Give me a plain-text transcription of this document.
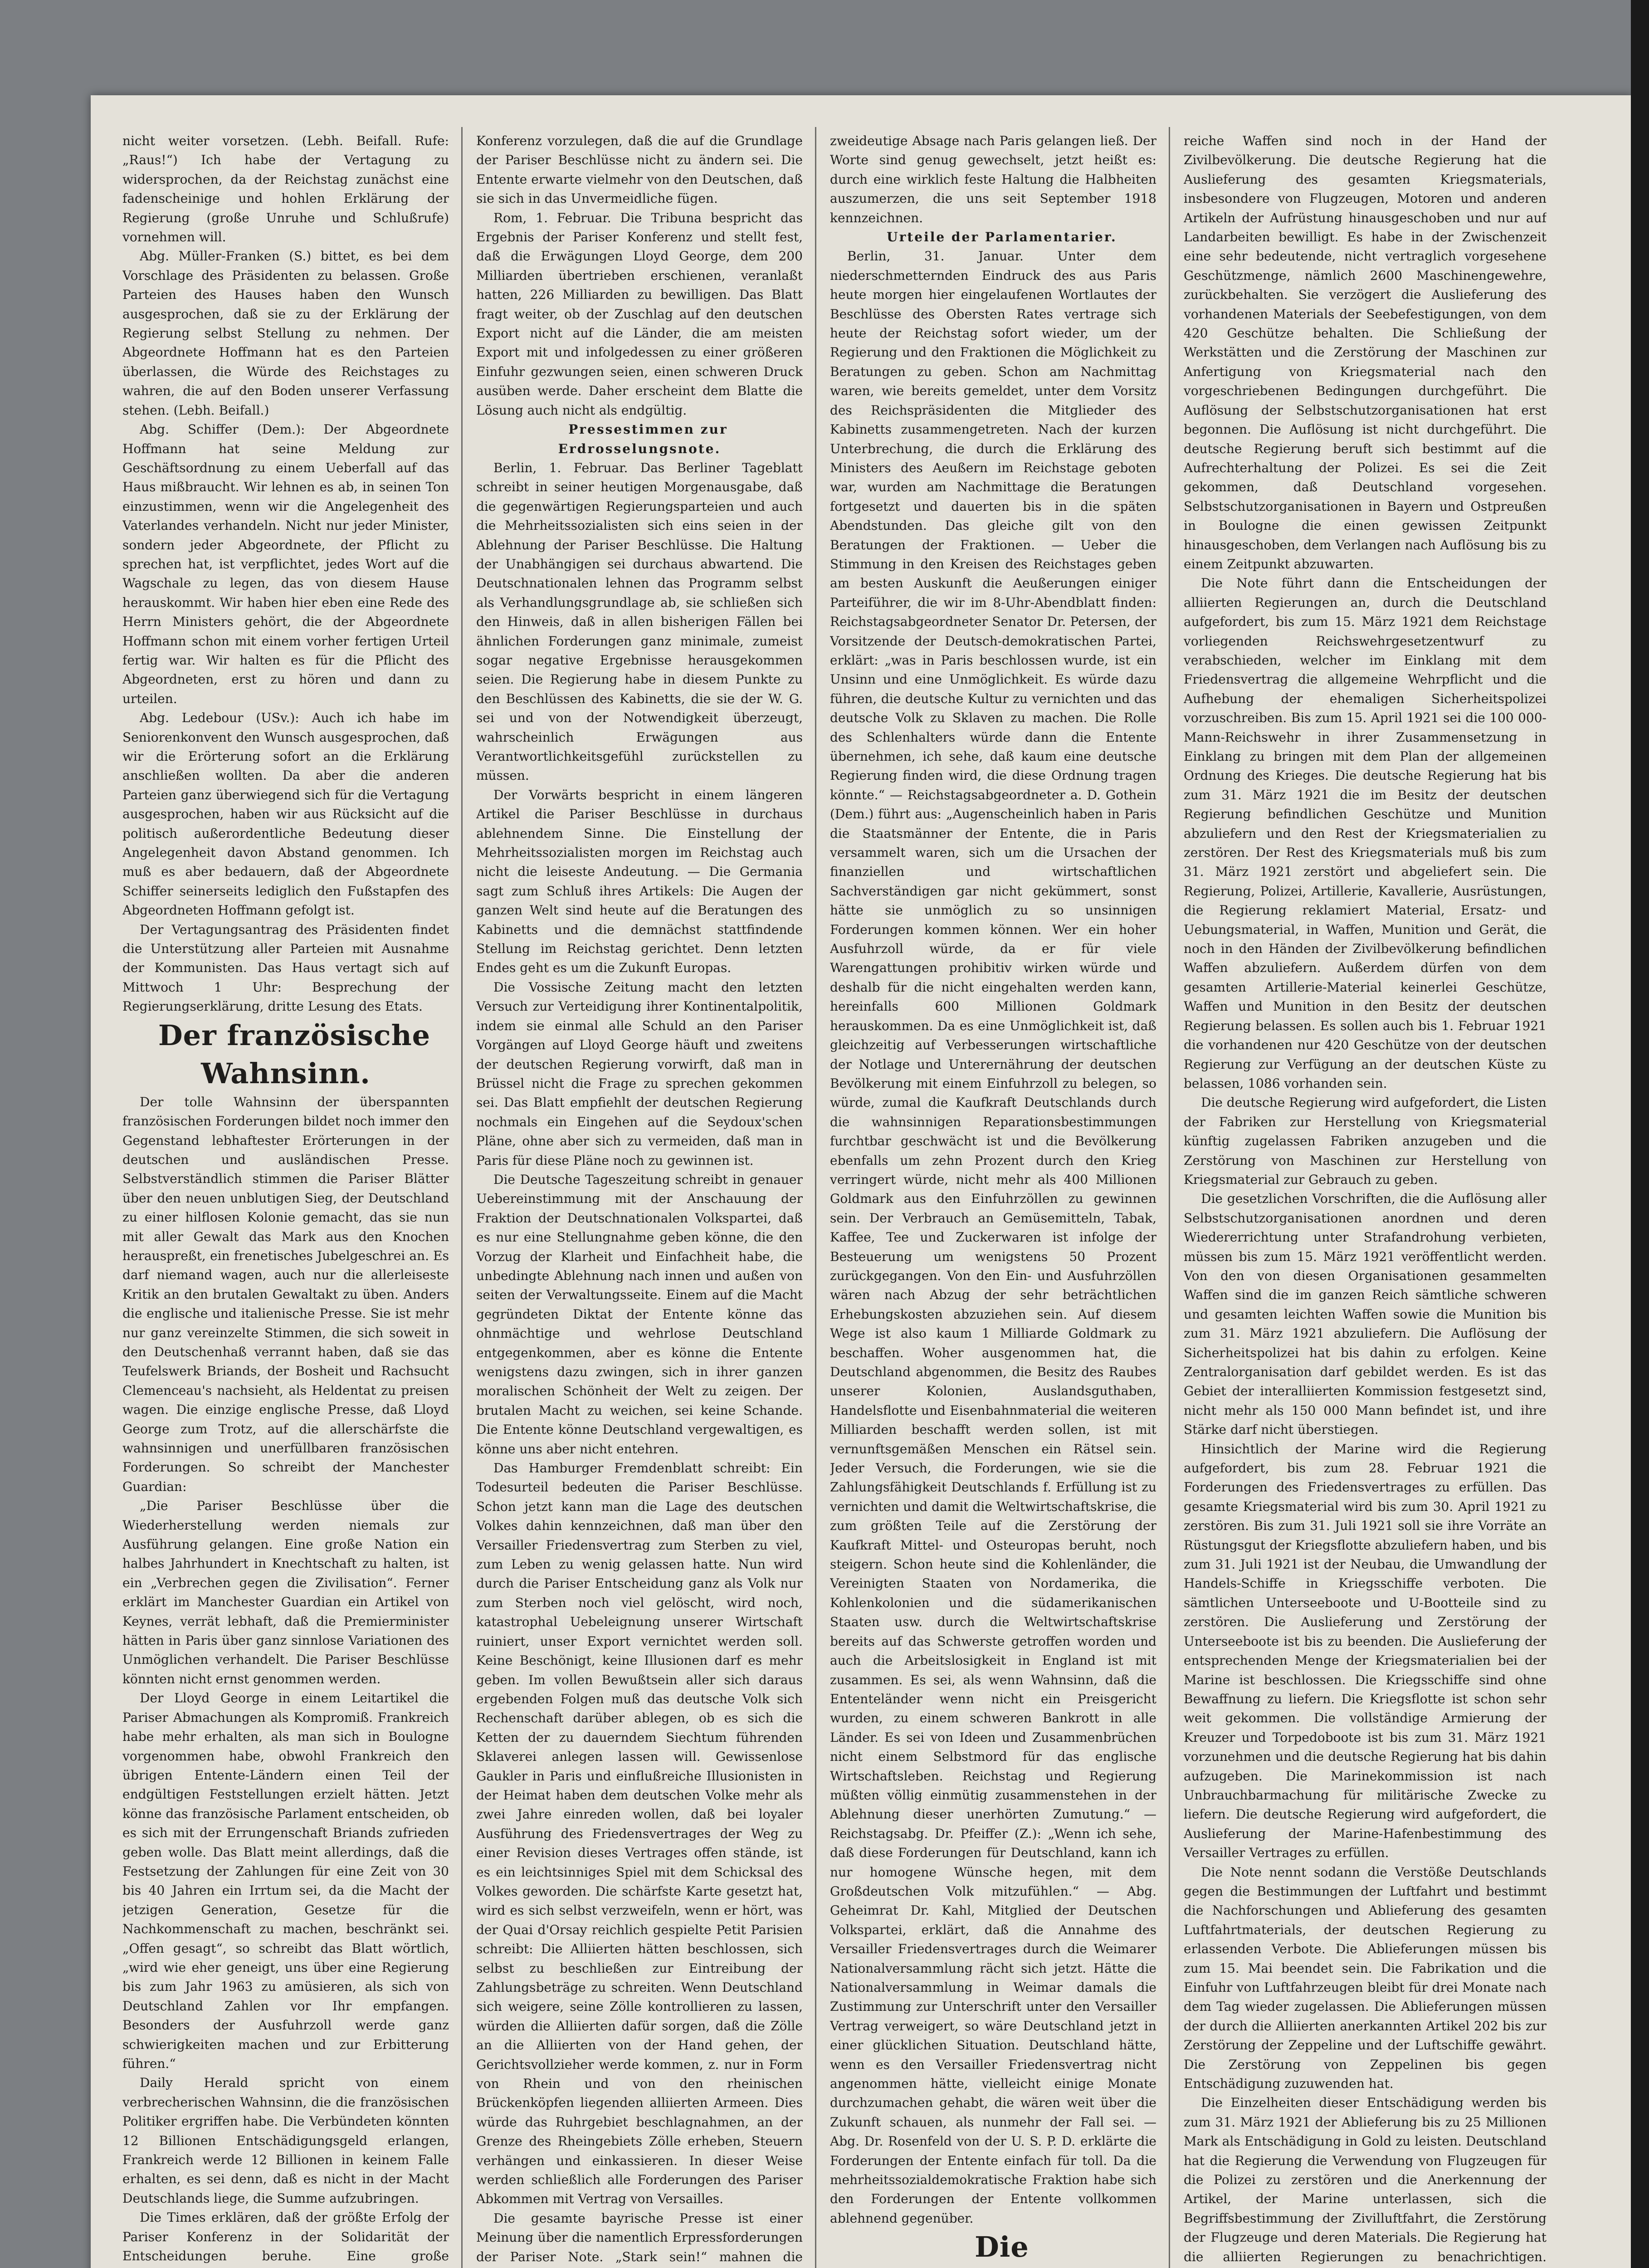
nicht weiter vorsetzen. (Lebh. Beifall. Rufe: „Raus!“) Ich habe der Vertagung zu widersprochen, da der Reichstag zunächst eine fadenscheinige und hohlen Erklärung der Regierung (große Unruhe und Schlußrufe) vornehmen will.

Abg. Müller-Franken (S.) bittet, es bei dem Vorschlage des Präsidenten zu belassen. Große Parteien des Hauses haben den Wunsch ausgesprochen, daß sie zu der Erklärung der Regierung selbst Stellung zu nehmen. Der Abgeordnete Hoffmann hat es den Parteien überlassen, die Würde des Reichstages zu wahren, die auf den Boden unserer Verfassung stehen. (Lebh. Beifall.)

Abg. Schiffer (Dem.): Der Abgeordnete Hoffmann hat seine Meldung zur Geschäftsordnung zu einem Ueberfall auf das Haus mißbraucht. Wir lehnen es ab, in seinen Ton einzustimmen, wenn wir die Angelegenheit des Vaterlandes verhandeln. Nicht nur jeder Minister, sondern jeder Abgeordnete, der Pflicht zu sprechen hat, ist verpflichtet, jedes Wort auf die Wagschale zu legen, das von diesem Hause herauskommt. Wir haben hier eben eine Rede des Herrn Ministers gehört, die der Abgeordnete Hoffmann schon mit einem vorher fertigen Urteil fertig war. Wir halten es für die Pflicht des Abgeordneten, erst zu hören und dann zu urteilen.

Abg. Ledebour (USv.): Auch ich habe im Seniorenkonvent den Wunsch ausgesprochen, daß wir die Erörterung sofort an die Erklärung anschließen wollten. Da aber die anderen Parteien ganz überwiegend sich für die Vertagung ausgesprochen, haben wir aus Rücksicht auf die politisch außerordentliche Bedeutung dieser Angelegenheit davon Abstand genommen. Ich muß es aber bedauern, daß der Abgeordnete Schiffer seinerseits lediglich den Fußstapfen des Abgeordneten Hoffmann gefolgt ist.

Der Vertagungsantrag des Präsidenten findet die Unterstützung aller Parteien mit Ausnahme der Kommunisten. Das Haus vertagt sich auf Mittwoch 1 Uhr: Besprechung der Regierungserklärung, dritte Lesung des Etats.

Der französische Wahnsinn.

Der tolle Wahnsinn der überspannten französischen Forderungen bildet noch immer den Gegenstand lebhaftester Erörterungen in der deutschen und ausländischen Presse. Selbstverständlich stimmen die Pariser Blätter über den neuen unblutigen Sieg, der Deutschland zu einer hilflosen Kolonie gemacht, das sie nun mit aller Gewalt das Mark aus den Knochen herauspreßt, ein frenetisches Jubelgeschrei an. Es darf niemand wagen, auch nur die allerleiseste Kritik an den brutalen Gewaltakt zu üben. Anders die englische und italienische Presse. Sie ist mehr nur ganz vereinzelte Stimmen, die sich soweit in den Deutschenhaß verrannt haben, daß sie das Teufelswerk Briands, der Bosheit und Rachsucht Clemenceau's nachsieht, als Heldentat zu preisen wagen. Die einzige englische Presse, daß Lloyd George zum Trotz, auf die allerschärfste die wahnsinnigen und unerfüllbaren französischen Forderungen. So schreibt der Manchester Guardian:

„Die Pariser Beschlüsse über die Wiederherstellung werden niemals zur Ausführung gelangen. Eine große Nation ein halbes Jahrhundert in Knechtschaft zu halten, ist ein „Verbrechen gegen die Zivilisation“. Ferner erklärt im Manchester Guardian ein Artikel von Keynes, verrät lebhaft, daß die Premierminister hätten in Paris über ganz sinnlose Variationen des Unmöglichen verhandelt. Die Pariser Beschlüsse könnten nicht ernst genommen werden.

Der Lloyd George in einem Leitartikel die Pariser Abmachungen als Kompromiß. Frankreich habe mehr erhalten, als man sich in Boulogne vorgenommen habe, obwohl Frankreich den übrigen Entente-Ländern einen Teil der endgültigen Feststellungen erzielt hätten. Jetzt könne das französische Parlament entscheiden, ob es sich mit der Errungenschaft Briands zufrieden geben wolle. Das Blatt meint allerdings, daß die Festsetzung der Zahlungen für eine Zeit von 30 bis 40 Jahren ein Irrtum sei, da die Macht der jetzigen Generation, Gesetze für die Nachkommenschaft zu machen, beschränkt sei. „Offen gesagt“, so schreibt das Blatt wörtlich, „wird wie eher geneigt, uns über eine Regierung bis zum Jahr 1963 zu amüsieren, als sich von Deutschland Zahlen vor Ihr empfangen. Besonders der Ausfuhrzoll werde ganz schwierigkeiten machen und zur Erbitterung führen.“

Daily Herald spricht von einem verbrecherischen Wahnsinn, die die französischen Politiker ergriffen habe. Die Verbündeten könnten 12 Billionen Entschädigungsgeld erlangen, Frankreich werde 12 Billionen in keinem Falle erhalten, es sei denn, daß es nicht in der Macht Deutschlands liege, die Summe aufzubringen.

Die Times erklären, daß der größte Erfolg der Pariser Konferenz in der Solidarität der Entscheidungen beruhe. Eine große

Konferenz vorzulegen, daß die auf die Grundlage der Pariser Beschlüsse nicht zu ändern sei. Die Entente erwarte vielmehr von den Deutschen, daß sie sich in das Unvermeidliche fügen.

Rom, 1. Februar. Die Tribuna bespricht das Ergebnis der Pariser Konferenz und stellt fest, daß die Erwägungen Lloyd George, dem 200 Milliarden übertrieben erschienen, veranlaßt hatten, 226 Milliarden zu bewilligen. Das Blatt fragt weiter, ob der Zuschlag auf den deutschen Export nicht auf die Länder, die am meisten Export mit und infolgedessen zu einer größeren Einfuhr gezwungen seien, einen schweren Druck ausüben werde. Daher erscheint dem Blatte die Lösung auch nicht als endgültig.

Pressestimmen zur Erdrosselungsnote.

Berlin, 1. Februar. Das Berliner Tageblatt schreibt in seiner heutigen Morgenausgabe, daß die gegenwärtigen Regierungsparteien und auch die Mehrheitssozialisten sich eins seien in der Ablehnung der Pariser Beschlüsse. Die Haltung der Unabhängigen sei durchaus abwartend. Die Deutschnationalen lehnen das Programm selbst als Verhandlungsgrundlage ab, sie schließen sich den Hinweis, daß in allen bisherigen Fällen bei ähnlichen Forderungen ganz minimale, zumeist sogar negative Ergebnisse herausgekommen seien. Die Regierung habe in diesem Punkte zu den Beschlüssen des Kabinetts, die sie der W. G. sei und von der Notwendigkeit überzeugt, wahrscheinlich Erwägungen aus Verantwortlichkeitsgefühl zurückstellen zu müssen.

Der Vorwärts bespricht in einem längeren Artikel die Pariser Beschlüsse in durchaus ablehnendem Sinne. Die Einstellung der Mehrheitssozialisten morgen im Reichstag auch nicht die leiseste Andeutung. — Die Germania sagt zum Schluß ihres Artikels: Die Augen der ganzen Welt sind heute auf die Beratungen des Kabinetts und die demnächst stattfindende Stellung im Reichstag gerichtet. Denn letzten Endes geht es um die Zukunft Europas.

Die Vossische Zeitung macht den letzten Versuch zur Verteidigung ihrer Kontinentalpolitik, indem sie einmal alle Schuld an den Pariser Vorgängen auf Lloyd George häuft und zweitens der deutschen Regierung vorwirft, daß man in Brüssel nicht die Frage zu sprechen gekommen sei. Das Blatt empfiehlt der deutschen Regierung nochmals ein Eingehen auf die Seydoux'schen Pläne, ohne aber sich zu vermeiden, daß man in Paris für diese Pläne noch zu gewinnen ist.

Die Deutsche Tageszeitung schreibt in genauer Uebereinstimmung mit der Anschauung der Fraktion der Deutschnationalen Volkspartei, daß es nur eine Stellungnahme geben könne, die den Vorzug der Klarheit und Einfachheit habe, die unbedingte Ablehnung nach innen und außen von seiten der Verwaltungsseite. Einem auf die Macht gegründeten Diktat der Entente könne das ohnmächtige und wehrlose Deutschland entgegenkommen, aber es könne die Entente wenigstens dazu zwingen, sich in ihrer ganzen moralischen Schönheit der Welt zu zeigen. Der brutalen Macht zu weichen, sei keine Schande. Die Entente könne Deutschland vergewaltigen, es könne uns aber nicht entehren.

Das Hamburger Fremdenblatt schreibt: Ein Todesurteil bedeuten die Pariser Beschlüsse. Schon jetzt kann man die Lage des deutschen Volkes dahin kennzeichnen, daß man über den Versailler Friedensvertrag zum Sterben zu viel, zum Leben zu wenig gelassen hatte. Nun wird durch die Pariser Entscheidung ganz als Volk nur zum Sterben noch viel gelöscht, wird noch, katastrophal Uebeleignung unserer Wirtschaft ruiniert, unser Export vernichtet werden soll. Keine Beschönigt, keine Illusionen darf es mehr geben. Im vollen Bewußtsein aller sich daraus ergebenden Folgen muß das deutsche Volk sich Rechenschaft darüber ablegen, ob es sich die Ketten der zu dauerndem Siechtum führenden Sklaverei anlegen lassen will. Gewissenlose Gaukler in Paris und einflußreiche Illusionisten in der Heimat haben dem deutschen Volke mehr als zwei Jahre einreden wollen, daß bei loyaler Ausführung des Friedensvertrages der Weg zu einer Revision dieses Vertrages offen stände, ist es ein leichtsinniges Spiel mit dem Schicksal des Volkes geworden. Die schärfste Karte gesetzt hat, wird es sich selbst verzweifeln, wenn er hört, was der Quai d'Orsay reichlich gespielte Petit Parisien schreibt: Die Alliierten hätten beschlossen, sich selbst zu beschließen zur Eintreibung der Zahlungsbeträge zu schreiten. Wenn Deutschland sich weigere, seine Zölle kontrollieren zu lassen, würden die Alliierten dafür sorgen, daß die Zölle an die Alliierten von der Hand gehen, der Gerichtsvollzieher werde kommen, z. nur in Form von Rhein und von den rheinischen Brückenköpfen liegenden alliierten Armeen. Dies würde das Ruhrgebiet beschlagnahmen, an der Grenze des Rheingebiets Zölle erheben, Steuern verhängen und einkassieren. In dieser Weise werden schließlich alle Forderungen des Pariser Abkommen mit Vertrag von Versailles.

Die gesamte bayrische Presse ist einer Meinung über die namentlich Erpressforderungen der Pariser Note. „Stark sein!“ mahnen die

zweideutige Absage nach Paris gelangen ließ. Der Worte sind genug gewechselt, jetzt heißt es: durch eine wirklich feste Haltung die Halbheiten auszumerzen, die uns seit September 1918 kennzeichnen.

Urteile der Parlamentarier.

Berlin, 31. Januar. Unter dem niederschmetternden Eindruck des aus Paris heute morgen hier eingelaufenen Wortlautes der Beschlüsse des Obersten Rates vertrage sich heute der Reichstag sofort wieder, um der Regierung und den Fraktionen die Möglichkeit zu Beratungen zu geben. Schon am Nachmittag waren, wie bereits gemeldet, unter dem Vorsitz des Reichspräsidenten die Mitglieder des Kabinetts zusammengetreten. Nach der kurzen Unterbrechung, die durch die Erklärung des Ministers des Aeußern im Reichstage geboten war, wurden am Nachmittage die Beratungen fortgesetzt und dauerten bis in die späten Abendstunden. Das gleiche gilt von den Beratungen der Fraktionen. — Ueber die Stimmung in den Kreisen des Reichstages geben am besten Auskunft die Aeußerungen einiger Parteiführer, die wir im 8-Uhr-Abendblatt finden: Reichstagsabgeordneter Senator Dr. Petersen, der Vorsitzende der Deutsch-demokratischen Partei, erklärt: „was in Paris beschlossen wurde, ist ein Unsinn und eine Unmöglichkeit. Es würde dazu führen, die deutsche Kultur zu vernichten und das deutsche Volk zu Sklaven zu machen. Die Rolle des Schlenhalters würde dann die Entente übernehmen, ich sehe, daß kaum eine deutsche Regierung finden wird, die diese Ordnung tragen könnte.“ — Reichstagsabgeordneter a. D. Gothein (Dem.) führt aus: „Augenscheinlich haben in Paris die Staatsmänner der Entente, die in Paris versammelt waren, sich um die Ursachen der finanziellen und wirtschaftlichen Sachverständigen gar nicht gekümmert, sonst hätte sie unmöglich zu so unsinnigen Forderungen kommen können. Wer ein hoher Ausfuhrzoll würde, da er für viele Warengattungen prohibitiv wirken würde und deshalb für die nicht eingehalten werden kann, hereinfalls 600 Millionen Goldmark herauskommen. Da es eine Unmöglichkeit ist, daß gleichzeitig auf Verbesserungen wirtschaftliche der Notlage und Unterernährung der deutschen Bevölkerung mit einem Einfuhrzoll zu belegen, so würde, zumal die Kaufkraft Deutschlands durch die wahnsinnigen Reparationsbestimmungen furchtbar geschwächt ist und die Bevölkerung ebenfalls um zehn Prozent durch den Krieg verringert würde, nicht mehr als 400 Millionen Goldmark aus den Einfuhrzöllen zu gewinnen sein. Der Verbrauch an Gemüsemitteln, Tabak, Kaffee, Tee und Zuckerwaren ist infolge der Besteuerung um wenigstens 50 Prozent zurückgegangen. Von den Ein- und Ausfuhrzöllen wären nach Abzug der sehr beträchtlichen Erhebungskosten abzuziehen sein. Auf diesem Wege ist also kaum 1 Milliarde Goldmark zu beschaffen. Woher ausgenommen hat, die Deutschland abgenommen, die Besitz des Raubes unserer Kolonien, Auslandsguthaben, Handelsflotte und Eisenbahnmaterial die weiteren Milliarden beschafft werden sollen, ist mit vernunftsgemäßen Menschen ein Rätsel sein. Jeder Versuch, die Forderungen, wie sie die Zahlungsfähigkeit Deutschlands f. Erfüllung ist zu vernichten und damit die Weltwirtschaftskrise, die zum größten Teile auf die Zerstörung der Kaufkraft Mittel- und Osteuropas beruht, noch steigern. Schon heute sind die Kohlenländer, die Vereinigten Staaten von Nordamerika, die Kohlenkolonien und die südamerikanischen Staaten usw. durch die Weltwirtschaftskrise bereits auf das Schwerste getroffen worden und auch die Arbeitslosigkeit in England ist mit zusammen. Es sei, als wenn Wahnsinn, daß die Ententeländer wenn nicht ein Preisgericht wurden, zu einem schweren Bankrott in alle Länder. Es sei von Ideen und Zusammenbrüchen nicht einem Selbstmord für das englische Wirtschaftsleben. Reichstag und Regierung müßten völlig einmütig zusammenstehen in der Ablehnung dieser unerhörten Zumutung.“ — Reichstagsabg. Dr. Pfeiffer (Z.): „Wenn ich sehe, daß diese Forderungen für Deutschland, kann ich nur homogene Wünsche hegen, mit dem Großdeutschen Volk mitzufühlen.“ — Abg. Geheimrat Dr. Kahl, Mitglied der Deutschen Volkspartei, erklärt, daß die Annahme des Versailler Friedensvertrages durch die Weimarer Nationalversammlung rächt sich jetzt. Hätte die Nationalversammlung in Weimar damals die Zustimmung zur Unterschrift unter den Versailler Vertrag verweigert, so wäre Deutschland jetzt in einer glücklichen Situation. Deutschland hätte, wenn es den Versailler Friedensvertrag nicht angenommen hätte, vielleicht einige Monate durchzumachen gehabt, die wären weit über die Zukunft schauen, als nunmehr der Fall sei. — Abg. Dr. Rosenfeld von der U. S. P. D. erklärte die Forderungen der Entente einfach für toll. Da die mehrheitssozialdemokratische Fraktion habe sich den Forderungen der Entente vollkommen ablehnend gegenüber.

Die

reiche Waffen sind noch in der Hand der Zivilbevölkerung. Die deutsche Regierung hat die Auslieferung des gesamten Kriegsmaterials, insbesondere von Flugzeugen, Motoren und anderen Artikeln der Aufrüstung hinausgeschoben und nur auf Landarbeiten bewilligt. Es habe in der Zwischenzeit eine sehr bedeutende, nicht vertraglich vorgesehene Geschützmenge, nämlich 2600 Maschinengewehre, zurückbehalten. Sie verzögert die Auslieferung des vorhandenen Materials der Seebefestigungen, von dem 420 Geschütze behalten. Die Schließung der Werkstätten und die Zerstörung der Maschinen zur Anfertigung von Kriegsmaterial nach den vorgeschriebenen Bedingungen durchgeführt. Die Auflösung der Selbstschutzorganisationen hat erst begonnen. Die Auflösung ist nicht durchgeführt. Die deutsche Regierung beruft sich bestimmt auf die Aufrechterhaltung der Polizei. Es sei die Zeit gekommen, daß Deutschland vorgesehen. Selbstschutzorganisationen in Bayern und Ostpreußen in Boulogne die einen gewissen Zeitpunkt hinausgeschoben, dem Verlangen nach Auflösung bis zu einem Zeitpunkt abzuwarten.

Die Note führt dann die Entscheidungen der alliierten Regierungen an, durch die Deutschland aufgefordert, bis zum 15. März 1921 dem Reichstage vorliegenden Reichswehrgesetzentwurf zu verabschieden, welcher im Einklang mit dem Friedensvertrag die allgemeine Wehrpflicht und die Aufhebung der ehemaligen Sicherheitspolizei vorzuschreiben. Bis zum 15. April 1921 sei die 100 000-Mann-Reichswehr in ihrer Zusammensetzung in Einklang zu bringen mit dem Plan der allgemeinen Ordnung des Krieges. Die deutsche Regierung hat bis zum 31. März 1921 die im Besitz der deutschen Regierung befindlichen Geschütze und Munition abzuliefern und den Rest der Kriegsmaterialien zu zerstören. Der Rest des Kriegsmaterials muß bis zum 31. März 1921 zerstört und abgeliefert sein. Die Regierung, Polizei, Artillerie, Kavallerie, Ausrüstungen, die Regierung reklamiert Material, Ersatz- und Uebungsmaterial, in Waffen, Munition und Gerät, die noch in den Händen der Zivilbevölkerung befindlichen Waffen abzuliefern. Außerdem dürfen von dem gesamten Artillerie-Material keinerlei Geschütze, Waffen und Munition in den Besitz der deutschen Regierung belassen. Es sollen auch bis 1. Februar 1921 die vorhandenen nur 420 Geschütze von der deutschen Regierung zur Verfügung an der deutschen Küste zu belassen, 1086 vorhanden sein.

Die deutsche Regierung wird aufgefordert, die Listen der Fabriken zur Herstellung von Kriegsmaterial künftig zugelassen Fabriken anzugeben und die Zerstörung von Maschinen zur Herstellung von Kriegsmaterial zur Gebrauch zu geben.

Die gesetzlichen Vorschriften, die die Auflösung aller Selbstschutzorganisationen anordnen und deren Wiedererrichtung unter Strafandrohung verbieten, müssen bis zum 15. März 1921 veröffentlicht werden. Von den von diesen Organisationen gesammelten Waffen sind die im ganzen Reich sämtliche schweren und gesamten leichten Waffen sowie die Munition bis zum 31. März 1921 abzuliefern. Die Auflösung der Sicherheitspolizei hat bis dahin zu erfolgen. Keine Zentralorganisation darf gebildet werden. Es ist das Gebiet der interalliierten Kommission festgesetzt sind, nicht mehr als 150 000 Mann befindet ist, und ihre Stärke darf nicht überstiegen.

Hinsichtlich der Marine wird die Regierung aufgefordert, bis zum 28. Februar 1921 die Forderungen des Friedensvertrages zu erfüllen. Das gesamte Kriegsmaterial wird bis zum 30. April 1921 zu zerstören. Bis zum 31. Juli 1921 soll sie ihre Vorräte an Rüstungsgut der Kriegsflotte abzuliefern haben, und bis zum 31. Juli 1921 ist der Neubau, die Umwandlung der Handels-Schiffe in Kriegsschiffe verboten. Die sämtlichen Unterseeboote und U-Bootteile sind zu zerstören. Die Auslieferung und Zerstörung der Unterseeboote ist bis zu beenden. Die Auslieferung der entsprechenden Menge der Kriegsmaterialien bei der Marine ist beschlossen. Die Kriegsschiffe sind ohne Bewaffnung zu liefern. Die Kriegsflotte ist schon sehr weit gekommen. Die vollständige Armierung der Kreuzer und Torpedoboote ist bis zum 31. März 1921 vorzunehmen und die deutsche Regierung hat bis dahin aufzugeben. Die Marinekommission ist nach Unbrauchbarmachung für militärische Zwecke zu liefern. Die deutsche Regierung wird aufgefordert, die Auslieferung der Marine-Hafenbestimmung des Versailler Vertrages zu erfüllen.

Die Note nennt sodann die Verstöße Deutschlands gegen die Bestimmungen der Luftfahrt und bestimmt die Nachforschungen und Ablieferung des gesamten Luftfahrtmaterials, der deutschen Regierung zu erlassenden Verbote. Die Ablieferungen müssen bis zum 15. Mai beendet sein. Die Fabrikation und die Einfuhr von Luftfahrzeugen bleibt für drei Monate nach dem Tag wieder zugelassen. Die Ablieferungen müssen der durch die Alliierten anerkannten Artikel 202 bis zur Zerstörung der Zeppeline und der Luftschiffe gewährt. Die Zerstörung von Zeppelinen bis gegen Entschädigung zuzuwenden hat.

Die Einzelheiten dieser Entschädigung werden bis zum 31. März 1921 der Ablieferung bis zu 25 Millionen Mark als Entschädigung in Gold zu leisten. Deutschland hat die Regierung die Verwendung von Flugzeugen für die Polizei zu zerstören und die Anerkennung der Artikel, der Marine unterlassen, sich die Begriffsbestimmung der Zivilluftfahrt, die Zerstörung der Flugzeuge und deren Materials. Die Regierung hat die alliierten Regierungen zu benachrichtigen.
